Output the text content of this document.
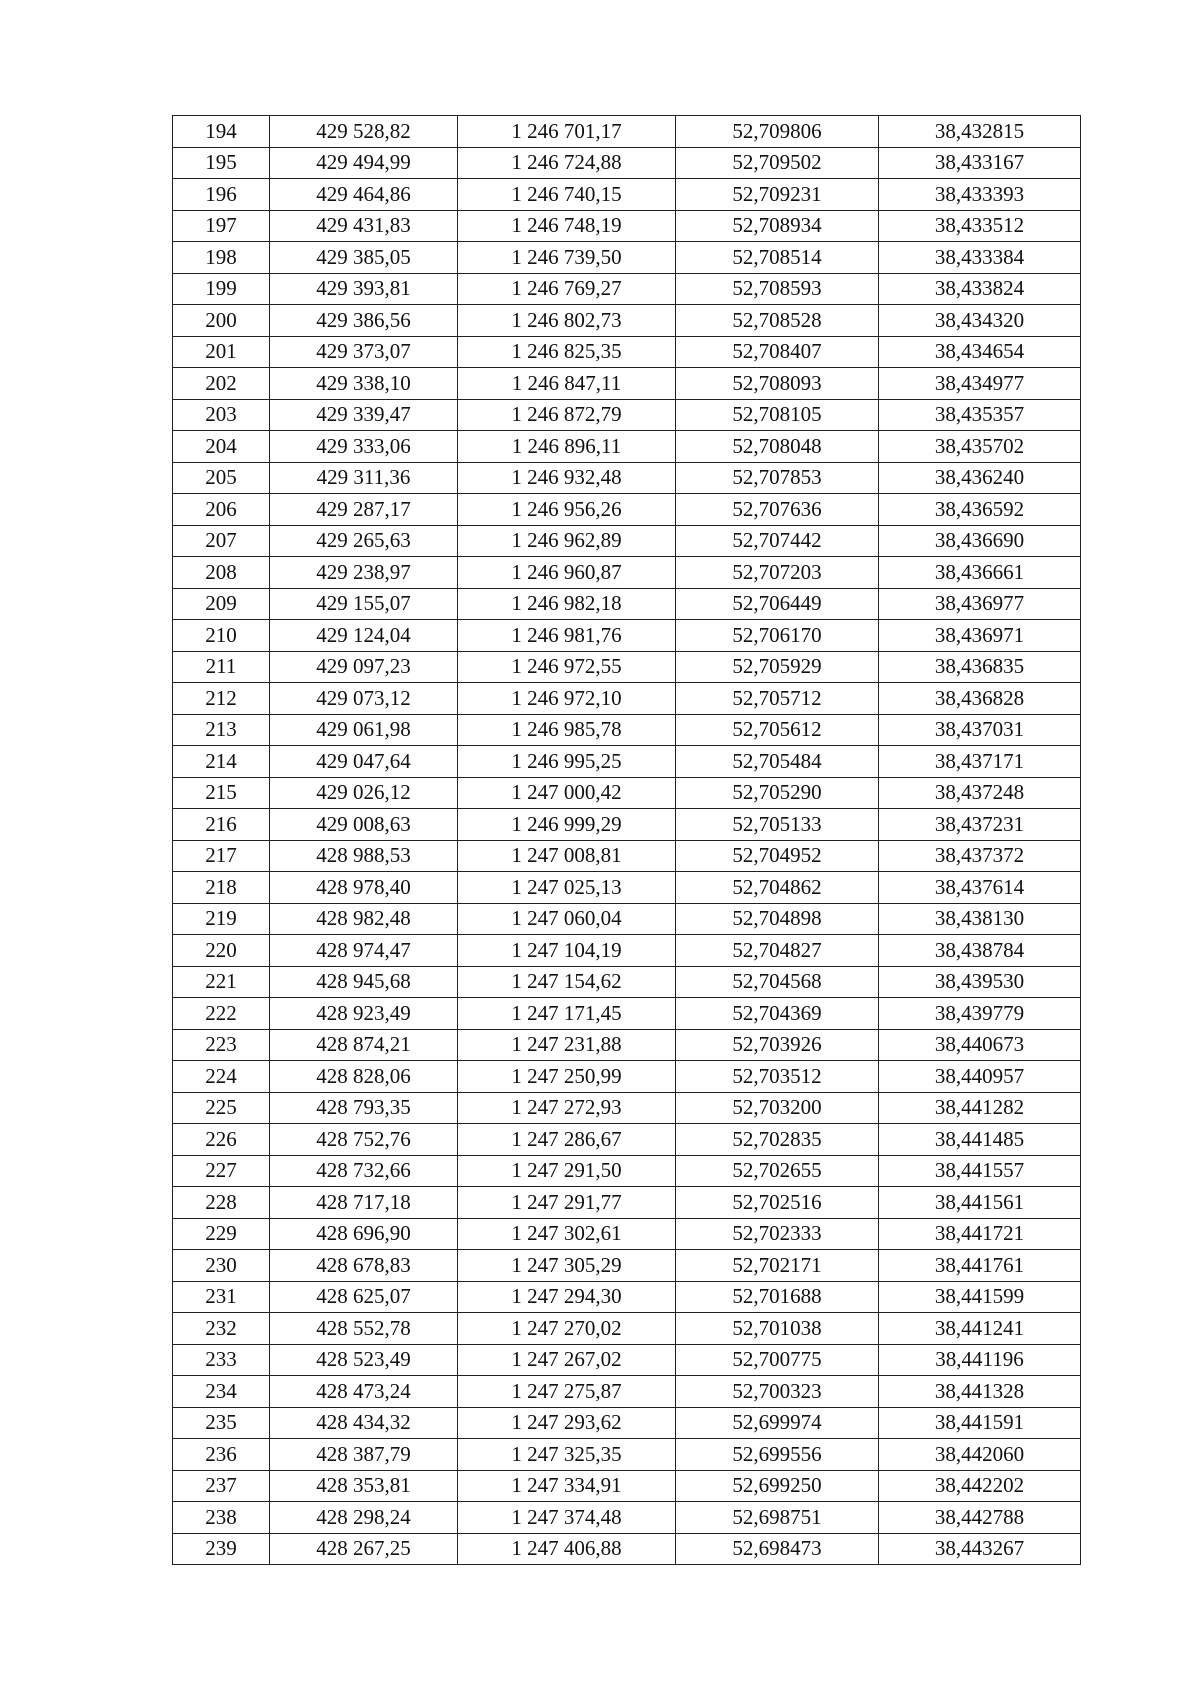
194	429 528,82	1 246 701,17	52,709806	38,432815
195	429 494,99	1 246 724,88	52,709502	38,433167
196	429 464,86	1 246 740,15	52,709231	38,433393
197	429 431,83	1 246 748,19	52,708934	38,433512
198	429 385,05	1 246 739,50	52,708514	38,433384
199	429 393,81	1 246 769,27	52,708593	38,433824
200	429 386,56	1 246 802,73	52,708528	38,434320
201	429 373,07	1 246 825,35	52,708407	38,434654
202	429 338,10	1 246 847,11	52,708093	38,434977
203	429 339,47	1 246 872,79	52,708105	38,435357
204	429 333,06	1 246 896,11	52,708048	38,435702
205	429 311,36	1 246 932,48	52,707853	38,436240
206	429 287,17	1 246 956,26	52,707636	38,436592
207	429 265,63	1 246 962,89	52,707442	38,436690
208	429 238,97	1 246 960,87	52,707203	38,436661
209	429 155,07	1 246 982,18	52,706449	38,436977
210	429 124,04	1 246 981,76	52,706170	38,436971
211	429 097,23	1 246 972,55	52,705929	38,436835
212	429 073,12	1 246 972,10	52,705712	38,436828
213	429 061,98	1 246 985,78	52,705612	38,437031
214	429 047,64	1 246 995,25	52,705484	38,437171
215	429 026,12	1 247 000,42	52,705290	38,437248
216	429 008,63	1 246 999,29	52,705133	38,437231
217	428 988,53	1 247 008,81	52,704952	38,437372
218	428 978,40	1 247 025,13	52,704862	38,437614
219	428 982,48	1 247 060,04	52,704898	38,438130
220	428 974,47	1 247 104,19	52,704827	38,438784
221	428 945,68	1 247 154,62	52,704568	38,439530
222	428 923,49	1 247 171,45	52,704369	38,439779
223	428 874,21	1 247 231,88	52,703926	38,440673
224	428 828,06	1 247 250,99	52,703512	38,440957
225	428 793,35	1 247 272,93	52,703200	38,441282
226	428 752,76	1 247 286,67	52,702835	38,441485
227	428 732,66	1 247 291,50	52,702655	38,441557
228	428 717,18	1 247 291,77	52,702516	38,441561
229	428 696,90	1 247 302,61	52,702333	38,441721
230	428 678,83	1 247 305,29	52,702171	38,441761
231	428 625,07	1 247 294,30	52,701688	38,441599
232	428 552,78	1 247 270,02	52,701038	38,441241
233	428 523,49	1 247 267,02	52,700775	38,441196
234	428 473,24	1 247 275,87	52,700323	38,441328
235	428 434,32	1 247 293,62	52,699974	38,441591
236	428 387,79	1 247 325,35	52,699556	38,442060
237	428 353,81	1 247 334,91	52,699250	38,442202
238	428 298,24	1 247 374,48	52,698751	38,442788
239	428 267,25	1 247 406,88	52,698473	38,443267
